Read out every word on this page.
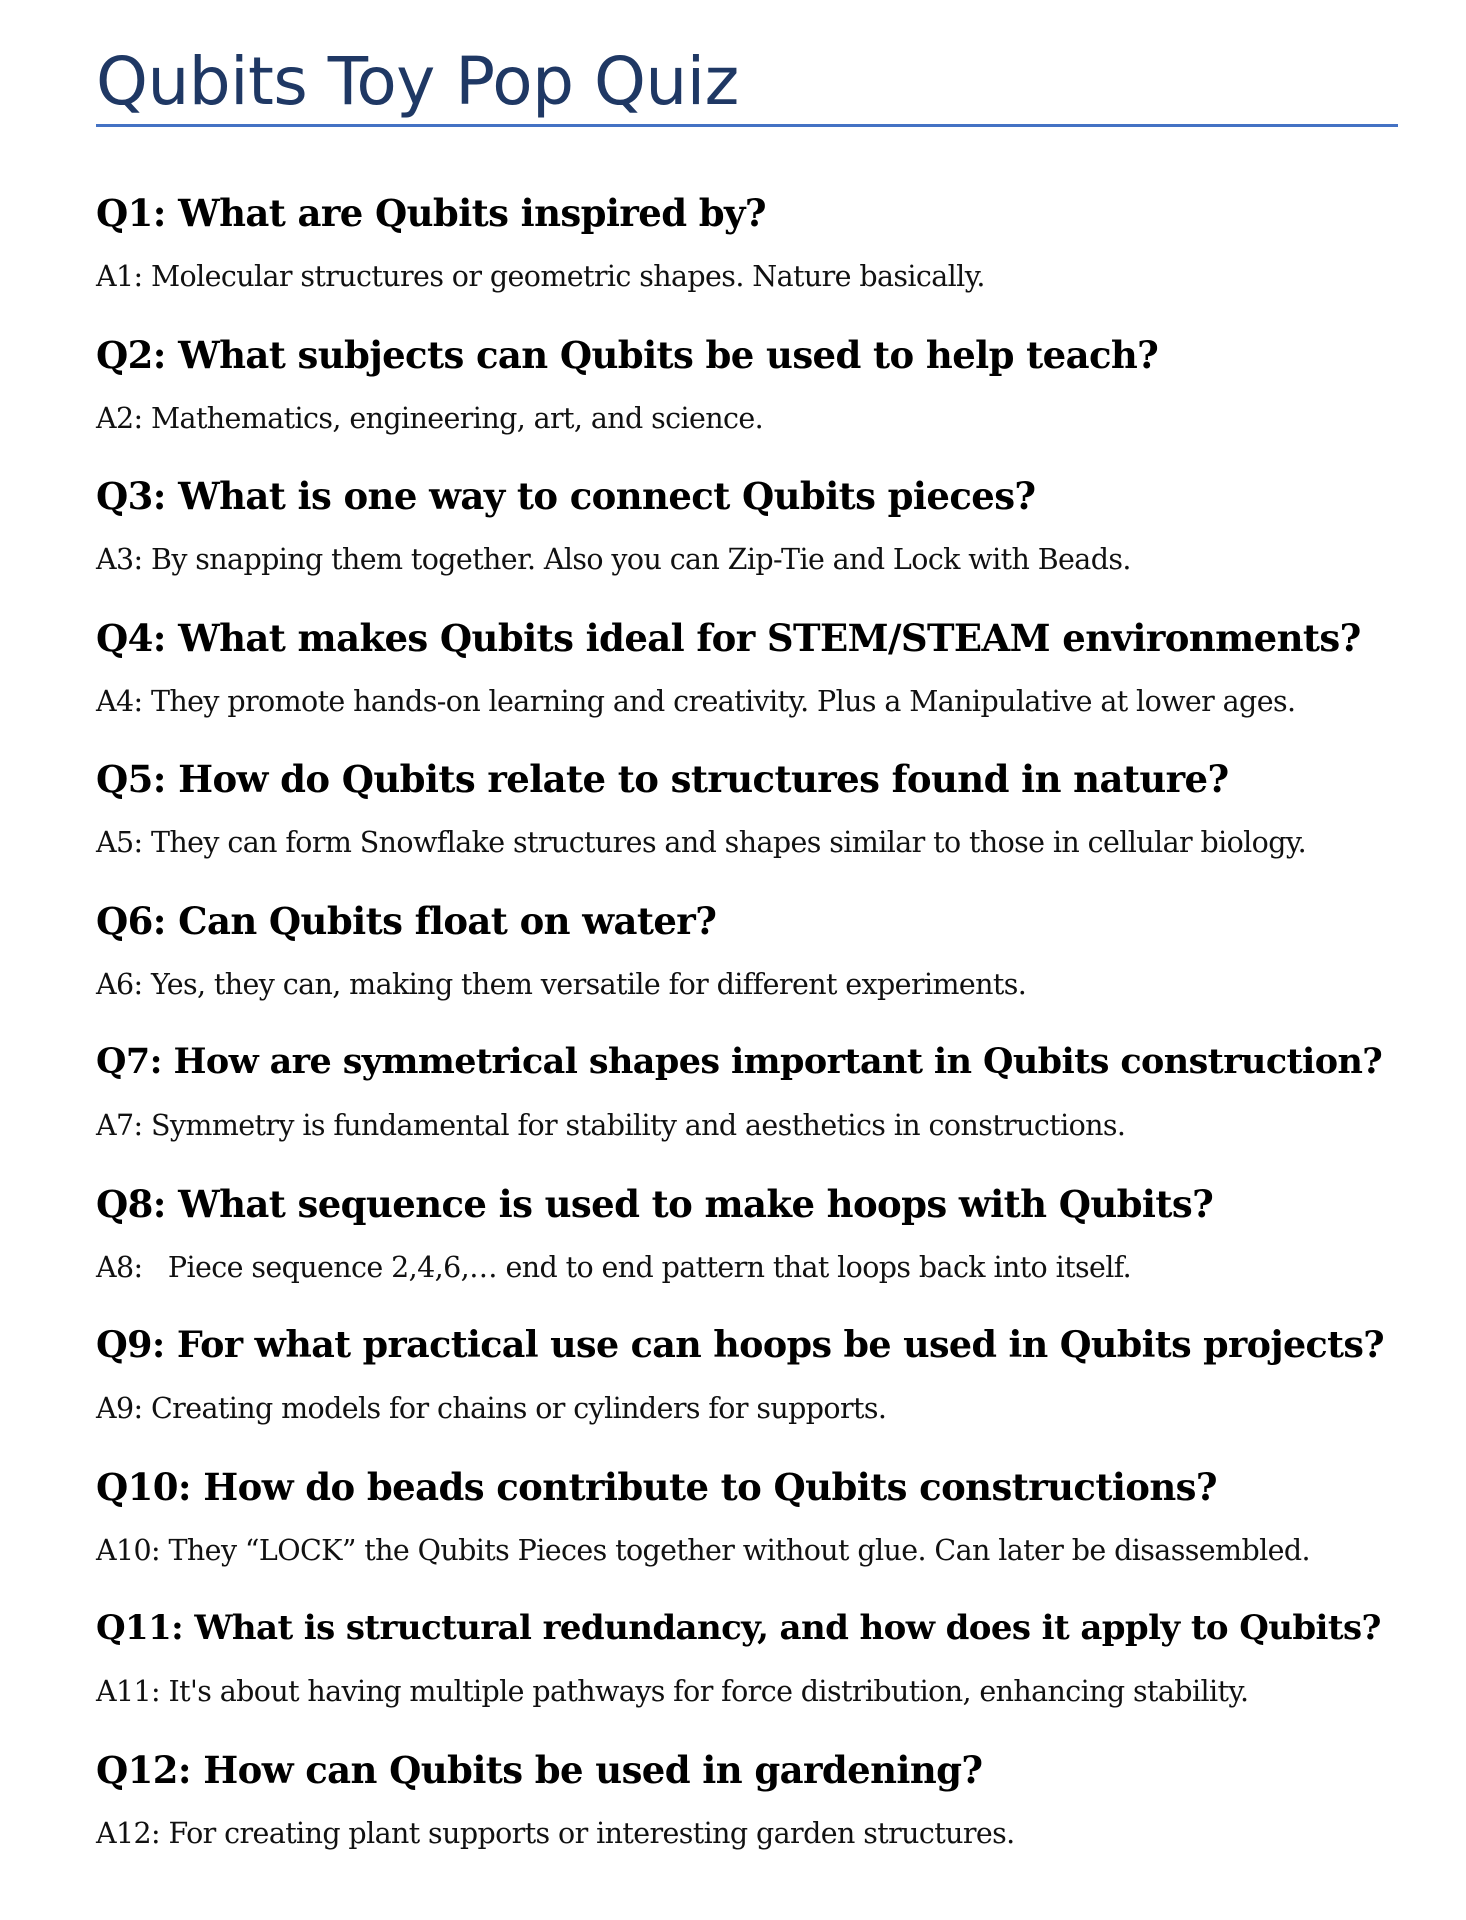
Qubits Toy Pop Quiz
Q1: What are Qubits inspired by?
A1: Molecular structures or geometric shapes. Nature basically.
Q2: What subjects can Qubits be used to help teach?
A2: Mathematics, engineering, art, and science.
Q3: What is one way to connect Qubits pieces?
A3: By snapping them together. Also you can Zip-Tie and Lock with Beads.
Q4: What makes Qubits ideal for STEM/STEAM environments?
A4: They promote hands-on learning and creativity. Plus a Manipulative at lower ages.
Q5: How do Qubits relate to structures found in nature?
A5: They can form Snowflake structures and shapes similar to those in cellular biology.
Q6: Can Qubits float on water?
A6: Yes, they can, making them versatile for different experiments.
Q7: How are symmetrical shapes important in Qubits construction?
A7: Symmetry is fundamental for stability and aesthetics in constructions.
Q8: What sequence is used to make hoops with Qubits?
A8:   Piece sequence 2,4,6,… end to end pattern that loops back into itself.
Q9: For what practical use can hoops be used in Qubits projects?
A9: Creating models for chains or cylinders for supports.
Q10: How do beads contribute to Qubits constructions?
A10: They “LOCK” the Qubits Pieces together without glue. Can later be disassembled.
Q11: What is structural redundancy, and how does it apply to Qubits?
A11: It's about having multiple pathways for force distribution, enhancing stability.
Q12: How can Qubits be used in gardening?
A12: For creating plant supports or interesting garden structures.
